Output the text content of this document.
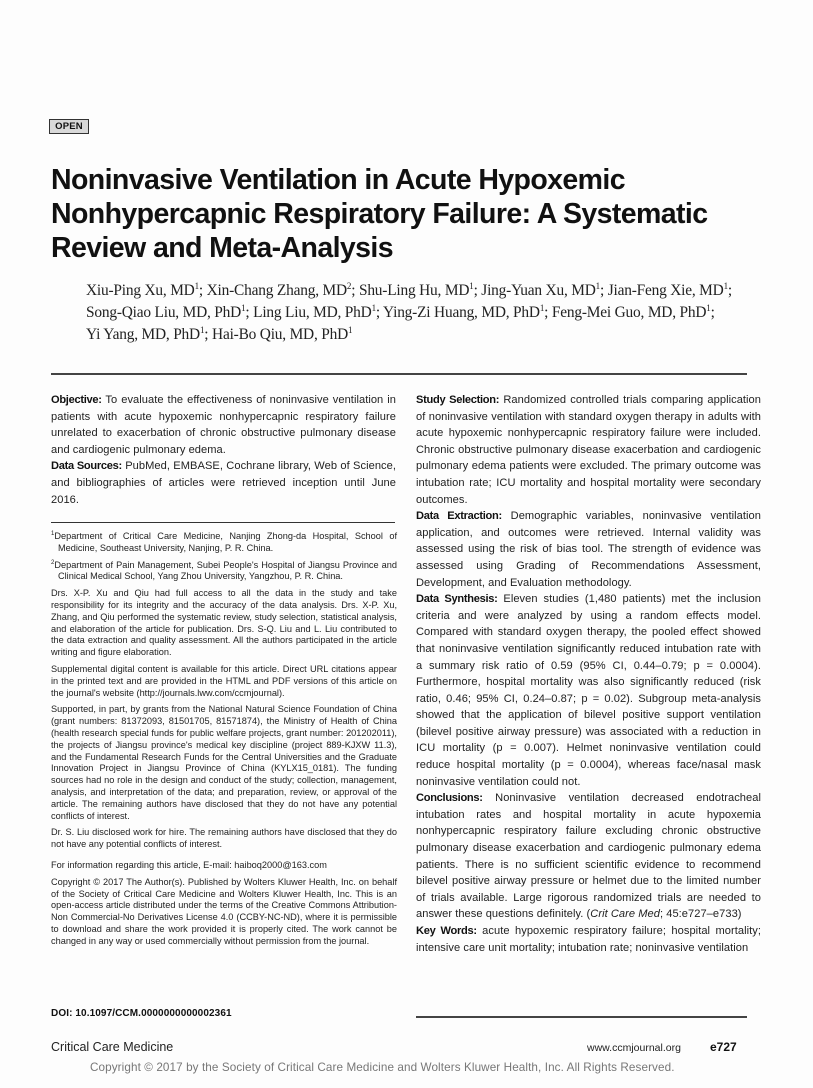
OPEN
Noninvasive Ventilation in Acute Hypoxemic Nonhypercapnic Respiratory Failure: A Systematic Review and Meta-Analysis
Xiu-Ping Xu, $MD^1$; Xin-Chang Zhang, $MD^2$; Shu-Ling Hu, $MD^1$; Jing-Yuan Xu, $MD^1$; Jian-Feng Xie, $MD^1$;
Song-Qiao Liu, MD, PhD$^1$; Ling Liu, MD, PhD$^1$; Ying-Zi Huang, MD, PhD$^1$; Feng-Mei Guo, MD, PhD$^1$;
Yi Yang, MD, PhD$^1$; Hai-Bo Qiu, MD, PhD$^1$

Objective: To evaluate the effectiveness of noninvasive ventilation in patients with acute hypoxemic nonhypercapnic respiratory failure unrelated to exacerbation of chronic obstructive pulmonary disease and cardiogenic pulmonary edema.

Data Sources: PubMed, EMBASE, Cochrane library, Web of Science, and bibliographies of articles were retrieved inception until June 2016.

$^1$Department of Critical Care Medicine, Nanjing Zhong-da Hospital, School of Medicine, Southeast University, Nanjing, P. R. China.

$^2$Department of Pain Management, Subei People's Hospital of Jiangsu Province and Clinical Medical School, Yang Zhou University, Yangzhou, P. R. China.

Drs. X-P. Xu and Qiu had full access to all the data in the study and take responsibility for its integrity and the accuracy of the data analysis. Drs. X-P. Xu, Zhang, and Qiu performed the systematic review, study selection, statistical analysis, and elaboration of the article for publication. Drs. S-Q. Liu and L. Liu contributed to the data extraction and quality assessment. All the authors participated in the article writing and figure elaboration.

Supplemental digital content is available for this article. Direct URL citations appear in the printed text and are provided in the HTML and PDF versions of this article on the journal's website (http://journals.lww.com/ccmjournal).

Supported, in part, by grants from the National Natural Science Foundation of China (grant numbers: 81372093, 81501705, 81571874), the Ministry of Health of China (health research special funds for public welfare projects, grant number: 201202011), the projects of Jiangsu province's medical key discipline (project 889-KJXW 11.3), and the Fundamental Research Funds for the Central Universities and the Graduate Innovation Project in Jiangsu Province of China (KYLX15_0181). The funding sources had no role in the design and conduct of the study; collection, management, analysis, and interpretation of the data; and preparation, review, or approval of the article. The remaining authors have disclosed that they do not have any potential conflicts of interest.

Dr. S. Liu disclosed work for hire. The remaining authors have disclosed that they do not have any potential conflicts of interest.

For information regarding this article, E-mail: haiboq2000@163.com

Copyright © 2017 The Author(s). Published by Wolters Kluwer Health, Inc. on behalf of the Society of Critical Care Medicine and Wolters Kluwer Health, Inc. This is an open-access article distributed under the terms of the Creative Commons Attribution-Non Commercial-No Derivatives License 4.0 (CCBY-NC-ND), where it is permissible to download and share the work provided it is properly cited. The work cannot be changed in any way or used commercially without permission from the journal.

DOI: 10.1097/CCM.0000000000002361

Study Selection: Randomized controlled trials comparing application of noninvasive ventilation with standard oxygen therapy in adults with acute hypoxemic nonhypercapnic respiratory failure were included. Chronic obstructive pulmonary disease exacerbation and cardiogenic pulmonary edema patients were excluded. The primary outcome was intubation rate; ICU mortality and hospital mortality were secondary outcomes.

Data Extraction: Demographic variables, noninvasive ventilation application, and outcomes were retrieved. Internal validity was assessed using the risk of bias tool. The strength of evidence was assessed using Grading of Recommendations Assessment, Development, and Evaluation methodology.

Data Synthesis: Eleven studies (1,480 patients) met the inclusion criteria and were analyzed by using a random effects model. Compared with standard oxygen therapy, the pooled effect showed that noninvasive ventilation significantly reduced intubation rate with a summary risk ratio of 0.59 (95% CI, 0.44–0.79; p = 0.0004). Furthermore, hospital mortality was also significantly reduced (risk ratio, 0.46; 95% CI, 0.24–0.87; p = 0.02). Subgroup meta-analysis showed that the application of bilevel positive support ventilation (bilevel positive airway pressure) was associated with a reduction in ICU mortality (p = 0.007). Helmet noninvasive ventilation could reduce hospital mortality (p = 0.0004), whereas face/nasal mask noninvasive ventilation could not.

Conclusions: Noninvasive ventilation decreased endotracheal intubation rates and hospital mortality in acute hypoxemia nonhypercapnic respiratory failure excluding chronic obstructive pulmonary disease exacerbation and cardiogenic pulmonary edema patients. There is no sufficient scientific evidence to recommend bilevel positive airway pressure or helmet due to the limited number of trials available. Large rigorous randomized trials are needed to answer these questions definitely. (Crit Care Med; 45:e727–e733)

Key Words: acute hypoxemic respiratory failure; hospital mortality; intensive care unit mortality; intubation rate; noninvasive ventilation

Critical Care Medicine	www.ccmjournal.org e727
Copyright © 2017 by the Society of Critical Care Medicine and Wolters Kluwer Health, Inc. All Rights Reserved.
